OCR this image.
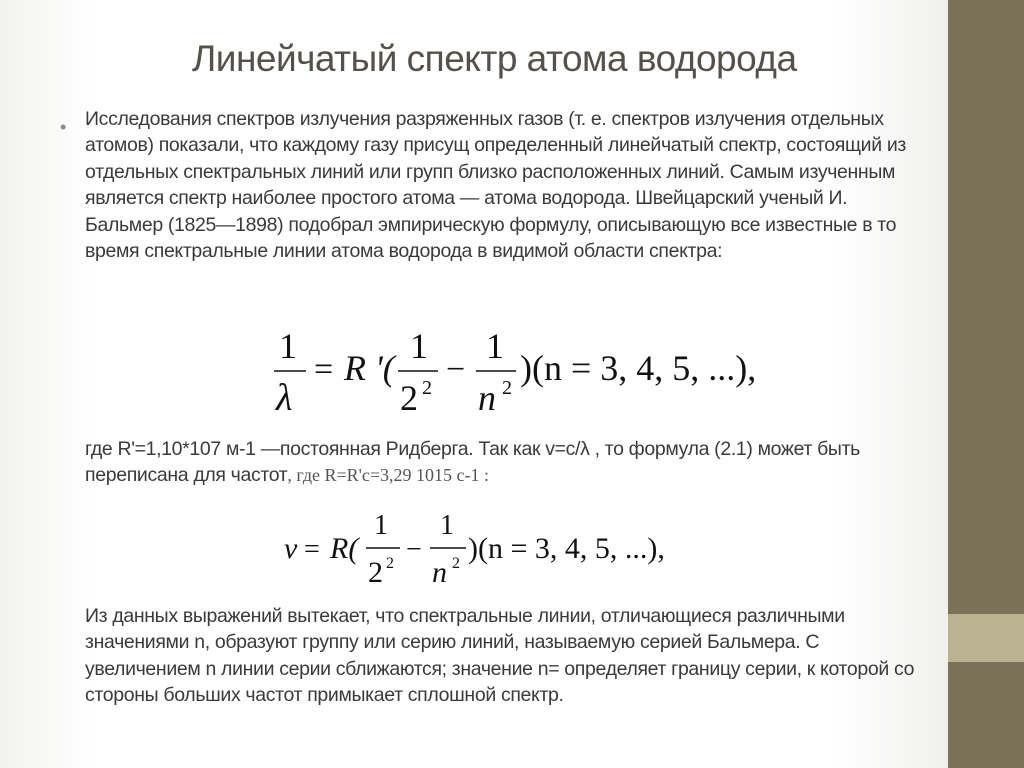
Линейчатый спектр атома водорода
• Исследования спектров излучения разряженных газов (т. е. спектров излучения отдельных атомов) показали, что каждому газу присущ определенный линейчатый спектр, состоящий из отдельных спектральных линий или групп близко расположенных линий. Самым изученным является спектр наиболее простого атома — атома водорода. Швейцарский ученый И. Бальмер (1825—1898) подобрал эмпирическую формулу, описывающую все известные в то время спектральные линии атома водорода в видимой области спектра:
1
λ
= R '(
1
2 2 −
1
n 2 )(n = 3, 4, 5, ...),
где R'=1,10*107 м-1 —постоянная Ридберга. Так как v=c/λ , то формула (2.1) может быть переписана для частот, где R=R'c=3,29 1015 с-1 :
v = R(
1
2 2 −
1
n 2 )(n = 3, 4, 5, ...),
Из данных выражений вытекает, что спектральные линии, отличающиеся различными значениями n, образуют группу или серию линий, называемую серией Бальмера. С увеличением n линии серии сближаются; значение n= определяет границу серии, к которой со стороны больших частот примыкает сплошной спектр.
